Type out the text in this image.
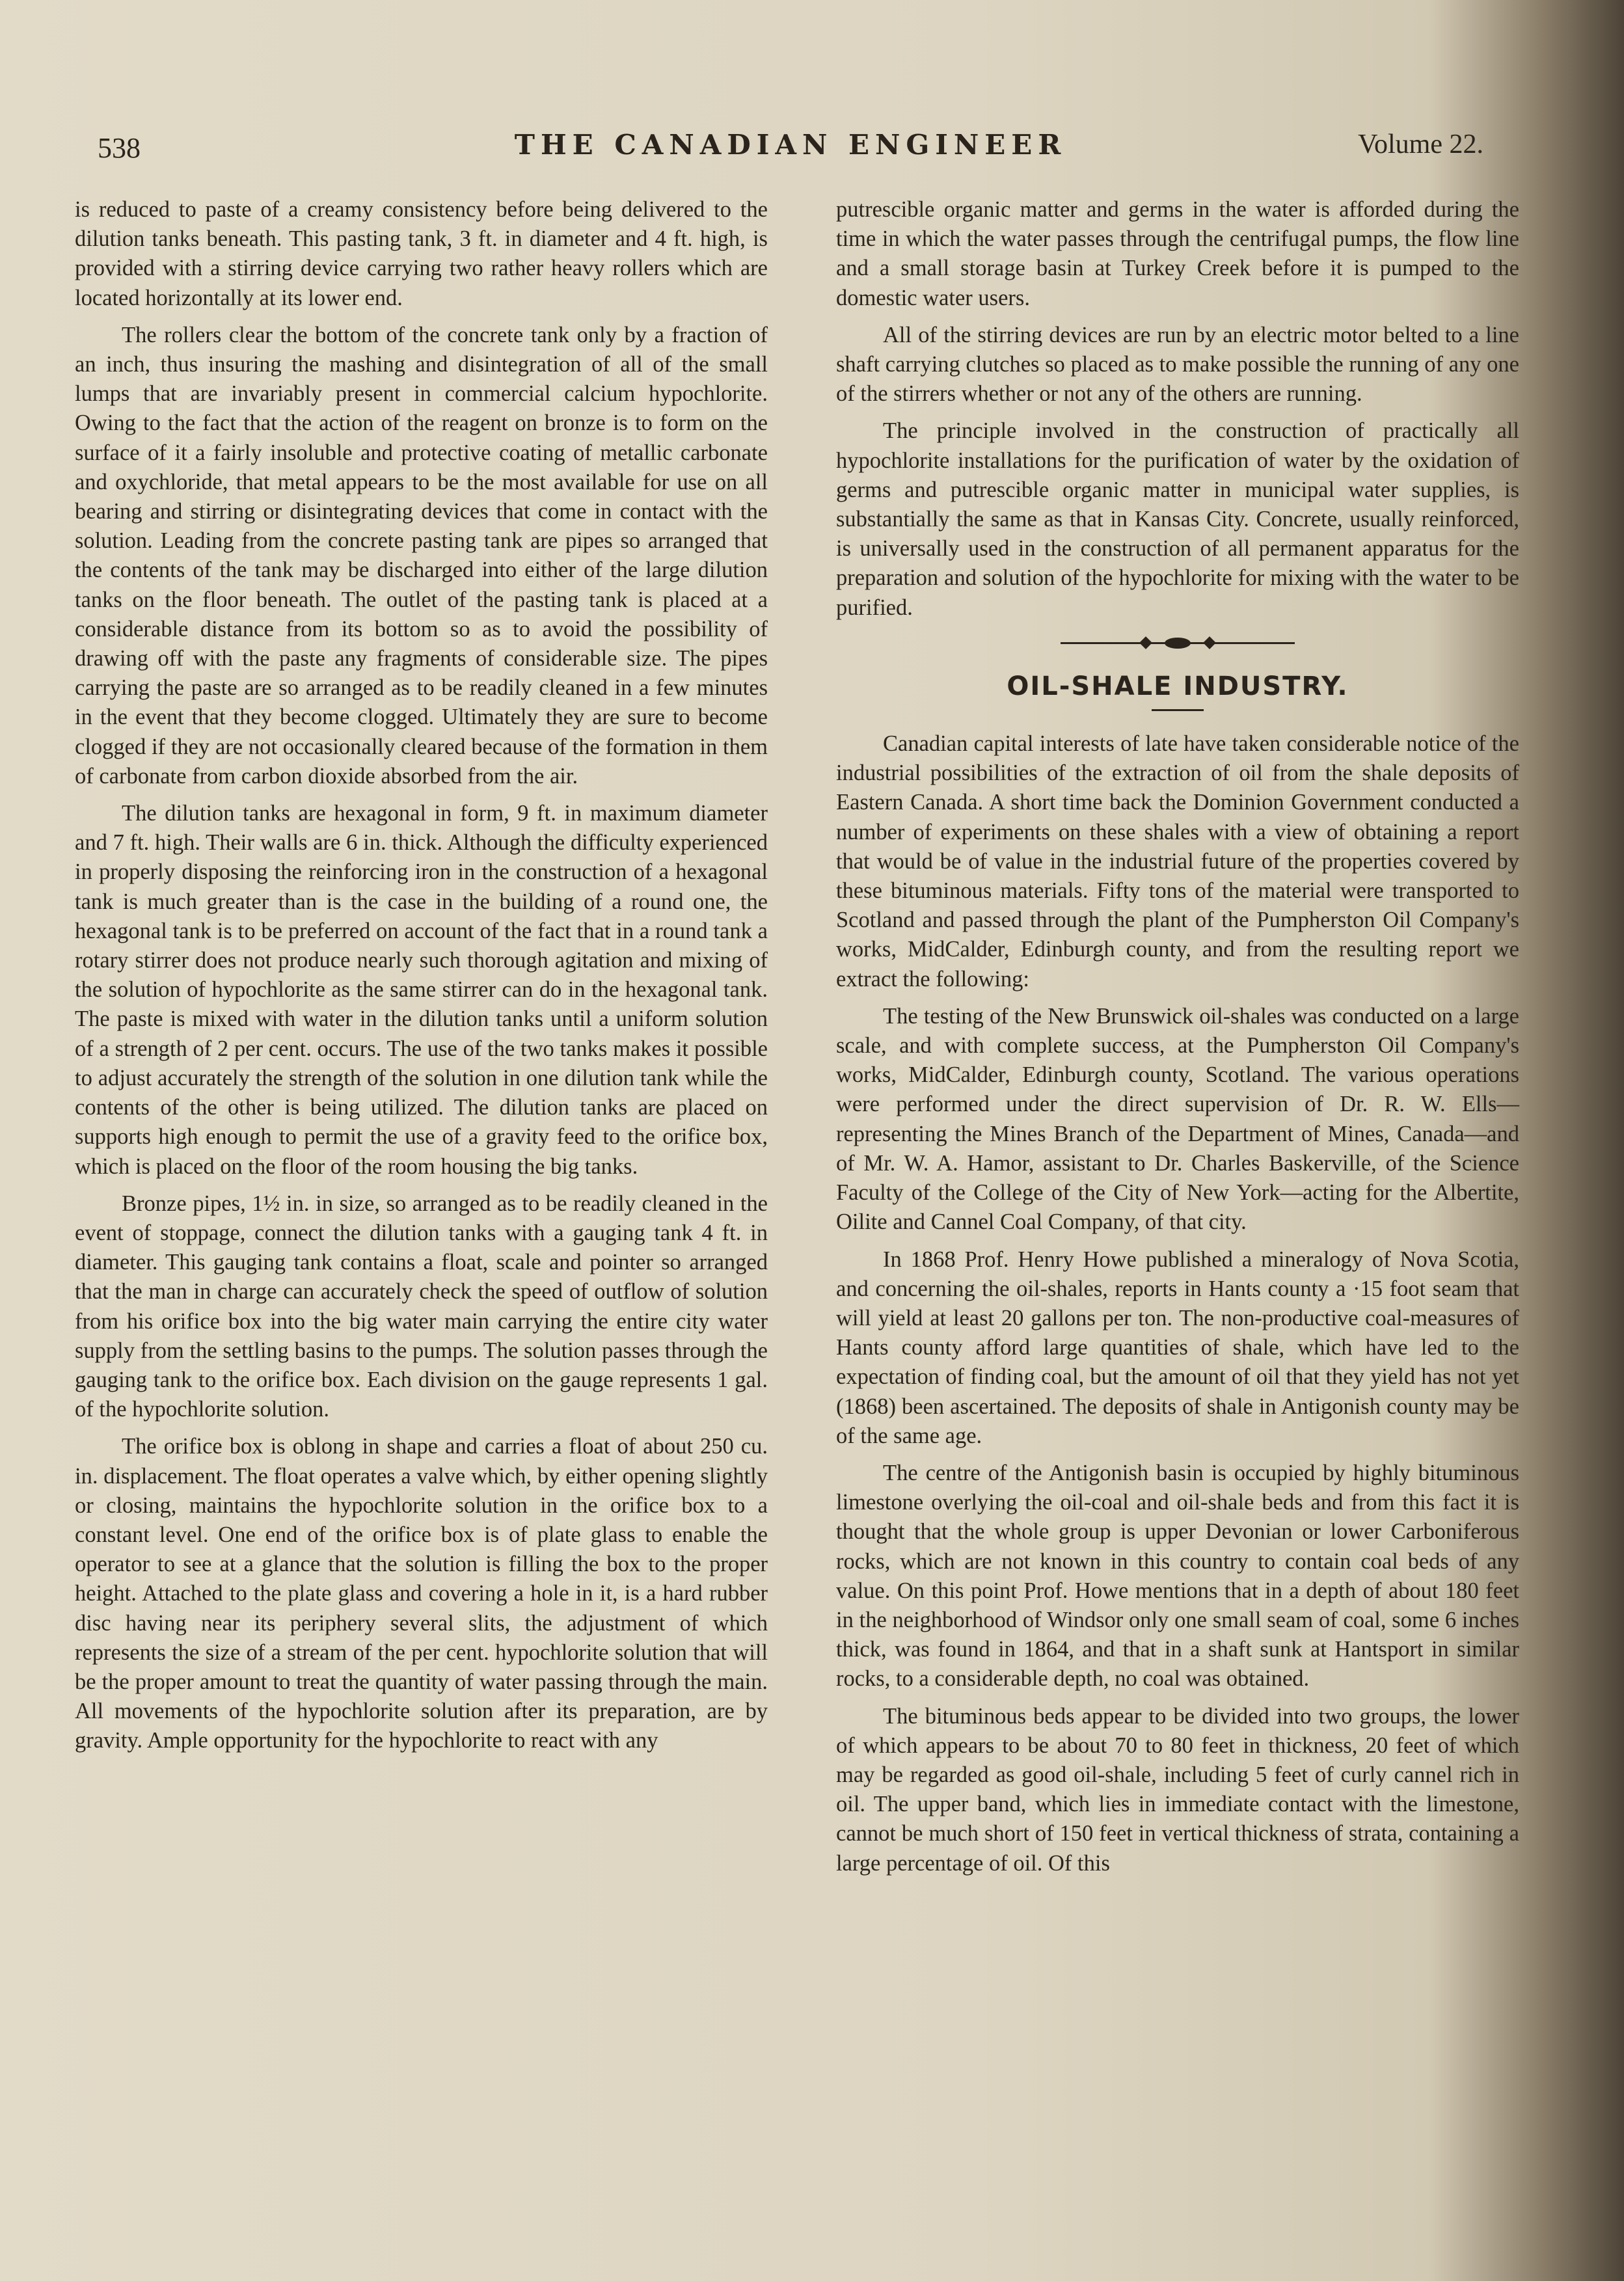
538	THE CANADIAN ENGINEER	Volume 22.

is reduced to paste of a creamy consistency before being delivered to the dilution tanks beneath. This pasting tank, 3 ft. in diameter and 4 ft. high, is provided with a stirring device carrying two rather heavy rollers which are located horizontally at its lower end.

The rollers clear the bottom of the concrete tank only by a fraction of an inch, thus insuring the mashing and disintegration of all of the small lumps that are invariably present in commercial calcium hypochlorite. Owing to the fact that the action of the reagent on bronze is to form on the surface of it a fairly insoluble and protective coating of metallic carbonate and oxychloride, that metal appears to be the most available for use on all bearing and stirring or disintegrating devices that come in contact with the solution. Leading from the concrete pasting tank are pipes so arranged that the contents of the tank may be discharged into either of the large dilution tanks on the floor beneath. The outlet of the pasting tank is placed at a considerable distance from its bottom so as to avoid the possibility of drawing off with the paste any fragments of considerable size. The pipes carrying the paste are so arranged as to be readily cleaned in a few minutes in the event that they become clogged. Ultimately they are sure to become clogged if they are not occasionally cleared because of the formation in them of carbonate from carbon dioxide absorbed from the air.

The dilution tanks are hexagonal in form, 9 ft. in maximum diameter and 7 ft. high. Their walls are 6 in. thick. Although the difficulty experienced in properly disposing the reinforcing iron in the construction of a hexagonal tank is much greater than is the case in the building of a round one, the hexagonal tank is to be preferred on account of the fact that in a round tank a rotary stirrer does not produce nearly such thorough agitation and mixing of the solution of hypochlorite as the same stirrer can do in the hexagonal tank. The paste is mixed with water in the dilution tanks until a uniform solution of a strength of 2 per cent. occurs. The use of the two tanks makes it possible to adjust accurately the strength of the solution in one dilution tank while the contents of the other is being utilized. The dilution tanks are placed on supports high enough to permit the use of a gravity feed to the orifice box, which is placed on the floor of the room housing the big tanks.

Bronze pipes, 1½ in. in size, so arranged as to be readily cleaned in the event of stoppage, connect the dilution tanks with a gauging tank 4 ft. in diameter. This gauging tank contains a float, scale and pointer so arranged that the man in charge can accurately check the speed of outflow of solution from his orifice box into the big water main carrying the entire city water supply from the settling basins to the pumps. The solution passes through the gauging tank to the orifice box. Each division on the gauge represents 1 gal. of the hypochlorite solution.

The orifice box is oblong in shape and carries a float of about 250 cu. in. displacement. The float operates a valve which, by either opening slightly or closing, maintains the hypochlorite solution in the orifice box to a constant level. One end of the orifice box is of plate glass to enable the operator to see at a glance that the solution is filling the box to the proper height. Attached to the plate glass and covering a hole in it, is a hard rubber disc having near its periphery several slits, the adjustment of which represents the size of a stream of the per cent. hypochlorite solution that will be the proper amount to treat the quantity of water passing through the main. All movements of the hypochlorite solution after its preparation, are by gravity. Ample opportunity for the hypochlorite to react with any

putrescible organic matter and germs in the water is afforded during the time in which the water passes through the centrifugal pumps, the flow line and a small storage basin at Turkey Creek before it is pumped to the domestic water users.

All of the stirring devices are run by an electric motor belted to a line shaft carrying clutches so placed as to make possible the running of any one of the stirrers whether or not any of the others are running.

The principle involved in the construction of practically all hypochlorite installations for the purification of water by the oxidation of germs and putrescible organic matter in municipal water supplies, is substantially the same as that in Kansas City. Concrete, usually reinforced, is universally used in the construction of all permanent apparatus for the preparation and solution of the hypochlorite for mixing with the water to be purified.

OIL-SHALE INDUSTRY.

Canadian capital interests of late have taken considerable notice of the industrial possibilities of the extraction of oil from the shale deposits of Eastern Canada. A short time back the Dominion Government conducted a number of experiments on these shales with a view of obtaining a report that would be of value in the industrial future of the properties covered by these bituminous materials. Fifty tons of the material were transported to Scotland and passed through the plant of the Pumpherston Oil Company's works, MidCalder, Edinburgh county, and from the resulting report we extract the following:

The testing of the New Brunswick oil-shales was conducted on a large scale, and with complete success, at the Pumpherston Oil Company's works, MidCalder, Edinburgh county, Scotland. The various operations were performed under the direct supervision of Dr. R. W. Ells—representing the Mines Branch of the Department of Mines, Canada—and of Mr. W. A. Hamor, assistant to Dr. Charles Baskerville, of the Science Faculty of the College of the City of New York—acting for the Albertite, Oilite and Cannel Coal Company, of that city.

In 1868 Prof. Henry Howe published a mineralogy of Nova Scotia, and concerning the oil-shales, reports in Hants county a ·15 foot seam that will yield at least 20 gallons per ton. The non-productive coal-measures of Hants county afford large quantities of shale, which have led to the expectation of finding coal, but the amount of oil that they yield has not yet (1868) been ascertained. The deposits of shale in Antigonish county may be of the same age.

The centre of the Antigonish basin is occupied by highly bituminous limestone overlying the oil-coal and oil-shale beds and from this fact it is thought that the whole group is upper Devonian or lower Carboniferous rocks, which are not known in this country to contain coal beds of any value. On this point Prof. Howe mentions that in a depth of about 180 feet in the neighborhood of Windsor only one small seam of coal, some 6 inches thick, was found in 1864, and that in a shaft sunk at Hantsport in similar rocks, to a considerable depth, no coal was obtained.

The bituminous beds appear to be divided into two groups, the lower of which appears to be about 70 to 80 feet in thickness, 20 feet of which may be regarded as good oil-shale, including 5 feet of curly cannel rich in oil. The upper band, which lies in immediate contact with the limestone, cannot be much short of 150 feet in vertical thickness of strata, containing a large percentage of oil. Of this
